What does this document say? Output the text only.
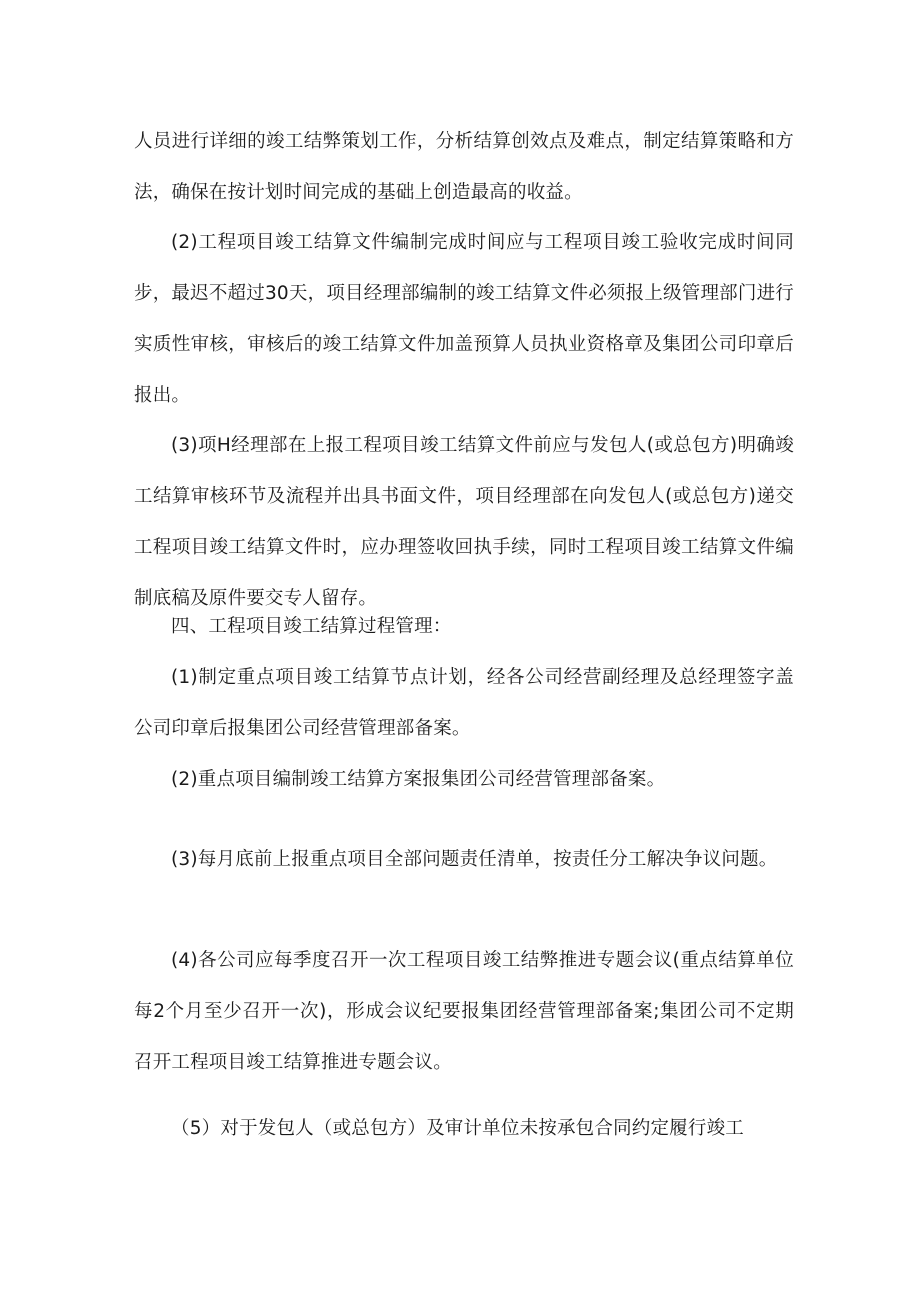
人员进行详细的竣工结弊策划工作，分析结算创效点及难点，制定结算策略和方法，确保在按计划时间完成的基础上创造最高的收益。

(2)工程项目竣工结算文件编制完成时间应与工程项目竣工验收完成时间同步，最迟不超过30天，项目经理部编制的竣工结算文件必须报上级管理部门进行实质性审核，审核后的竣工结算文件加盖预算人员执业资格章及集团公司印章后报出。

(3)项H经理部在上报工程项目竣工结算文件前应与发包人(或总包方)明确竣工结算审核环节及流程并出具书面文件，项目经理部在向发包人(或总包方)递交工程项目竣工结算文件时，应办理签收回执手续，同时工程项目竣工结算文件编制底稿及原件要交专人留存。

四、工程项目竣工结算过程管理：

(1)制定重点项目竣工结算节点计划，经各公司经营副经理及总经理签字盖公司印章后报集团公司经营管理部备案。

(2)重点项目编制竣工结算方案报集团公司经营管理部备案。

(3)每月底前上报重点项目全部问题责任清单，按责任分工解决争议问题。

(4)各公司应每季度召开一次工程项目竣工结弊推进专题会议(重点结算单位每2个月至少召开一次)，形成会议纪要报集团经营管理部备案;集团公司不定期召开工程项目竣工结算推进专题会议。

（5）对于发包人（或总包方）及审计单位未按承包合同约定履行竣工
